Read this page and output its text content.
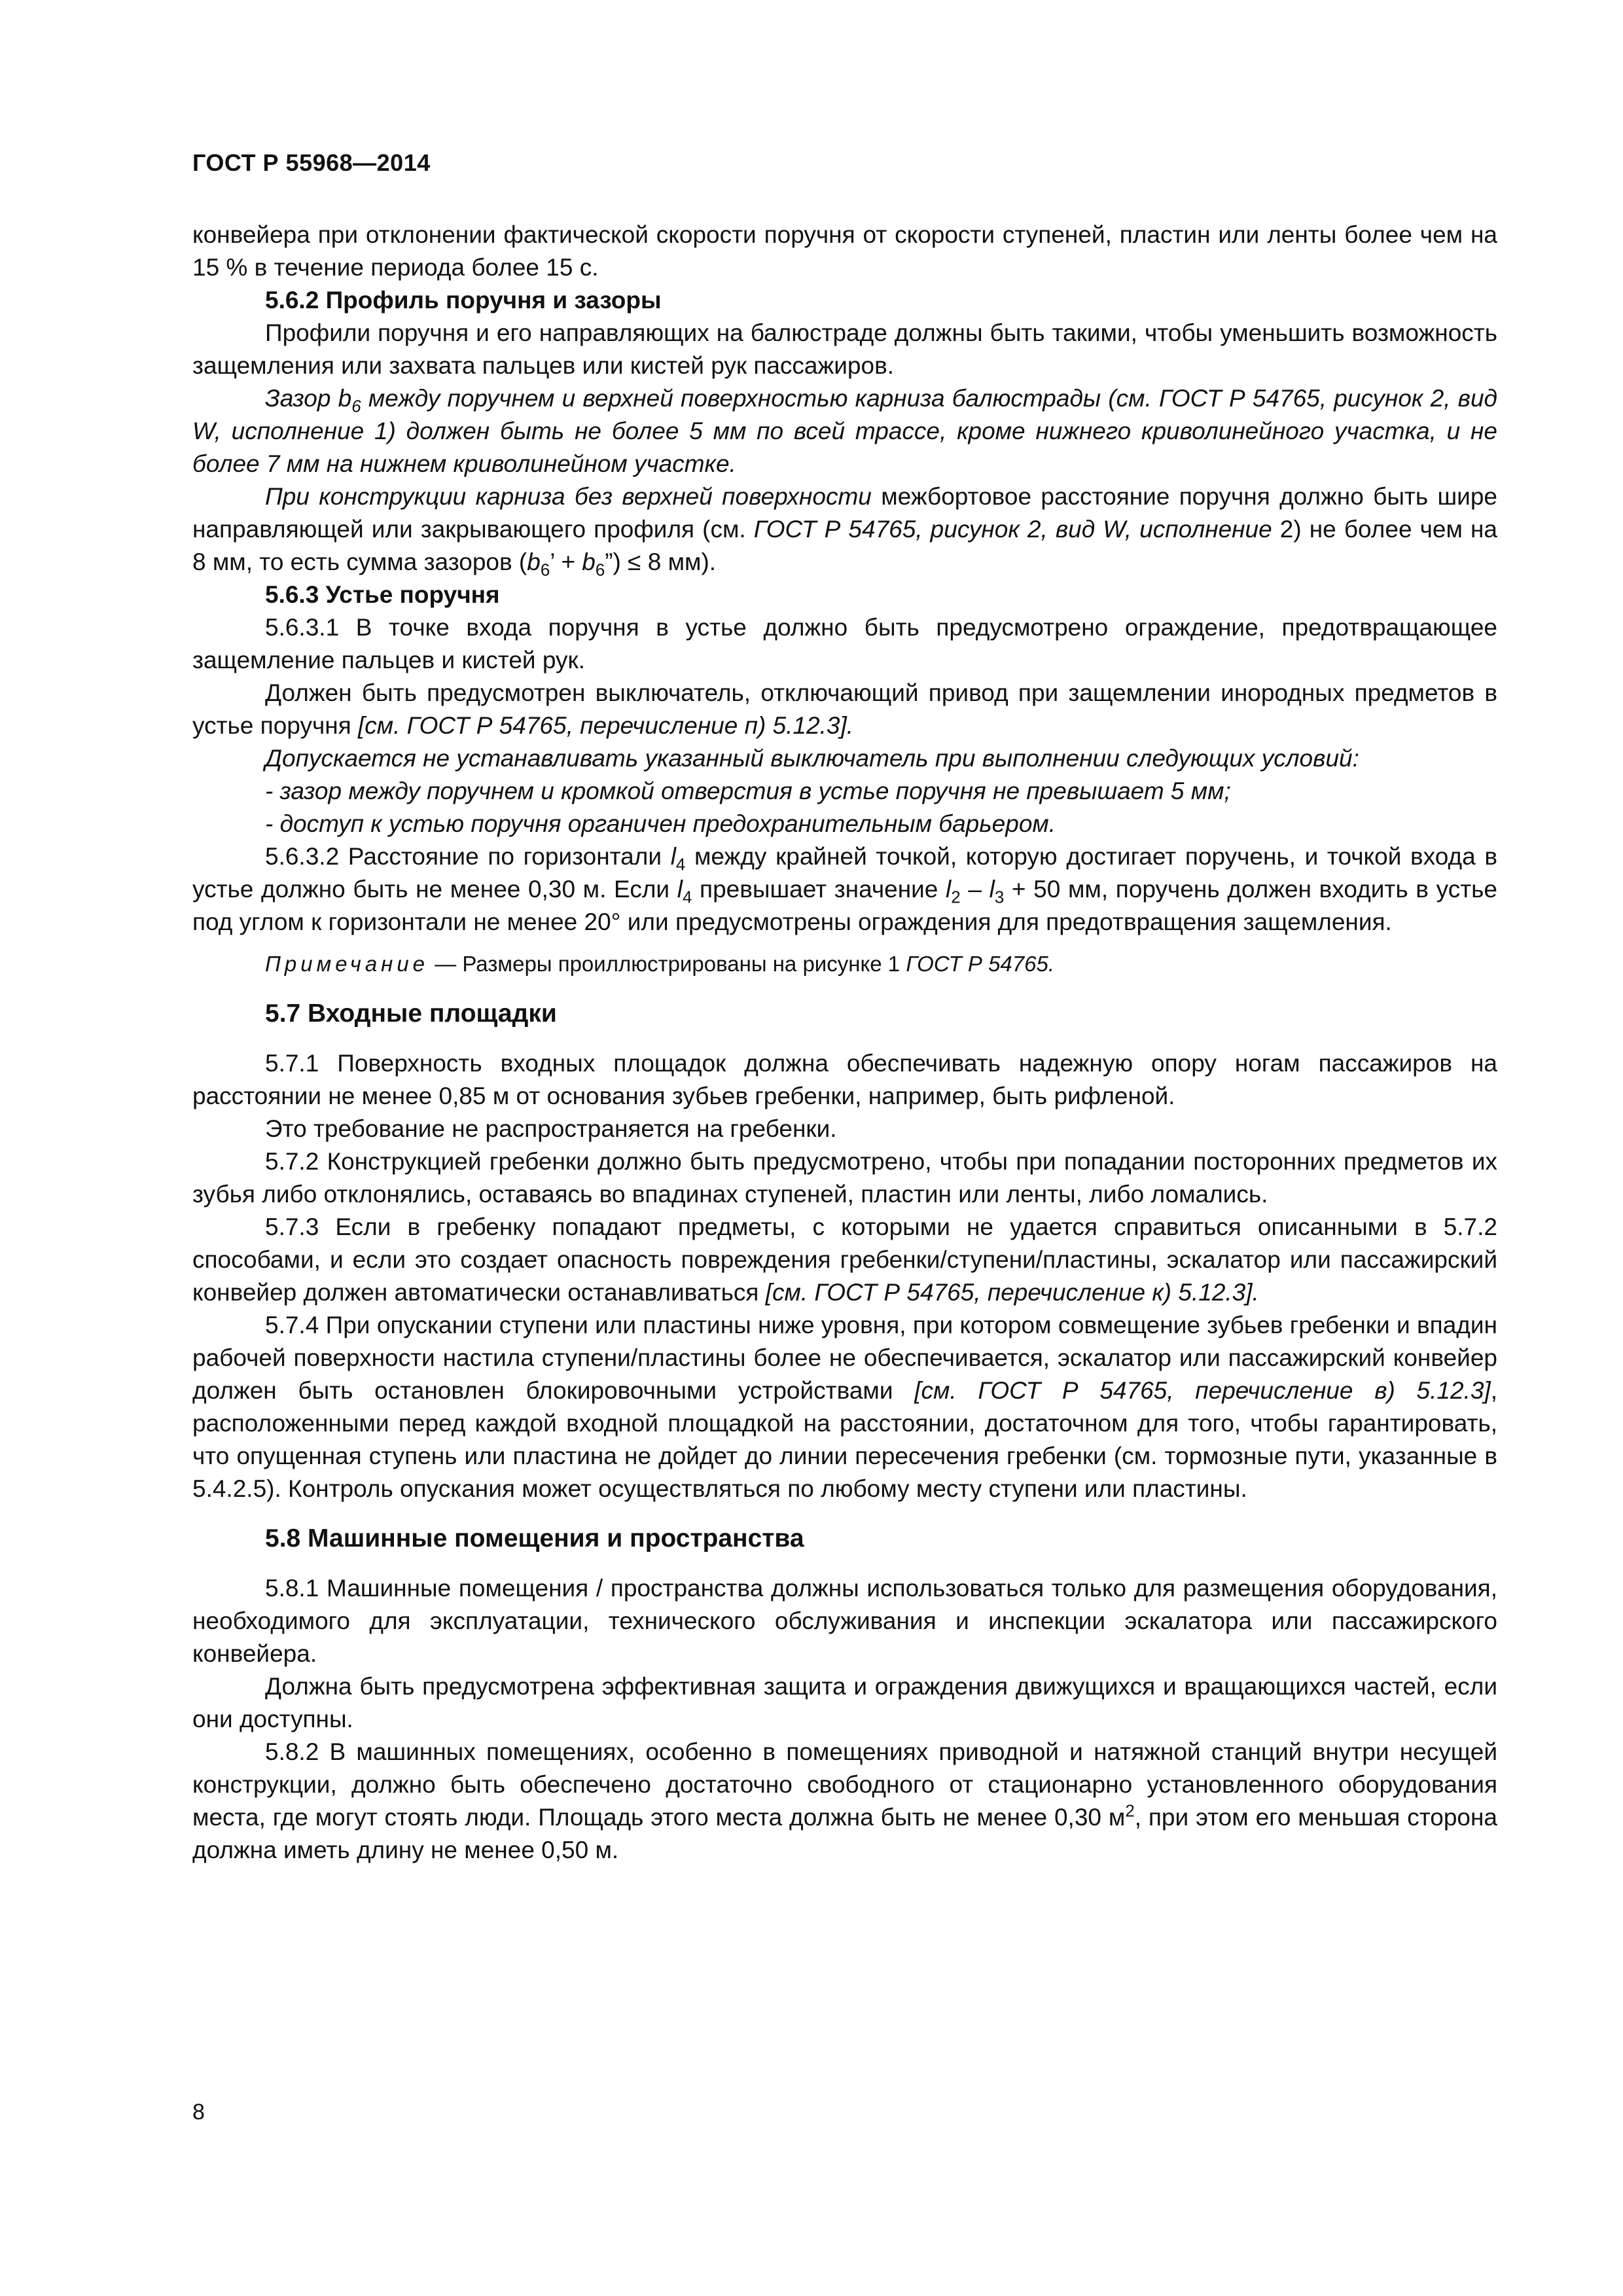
ГОСТ Р 55968—2014

конвейера при отклонении фактической скорости поручня от скорости ступеней, пластин или ленты более чем на 15 % в течение периода более 15 с.

5.6.2 Профиль поручня и зазоры

Профили поручня и его направляющих на балюстраде должны быть такими, чтобы уменьшить возможность защемления или захвата пальцев или кистей рук пассажиров.

Зазор $b_6$ между поручнем и верхней поверхностью карниза балюстрады (см. ГОСТ Р 54765, рисунок 2, вид W, исполнение 1) должен быть не более 5 мм по всей трассе, кроме нижнего криволинейного участка, и не более 7 мм на нижнем криволинейном участке.

При конструкции карниза без верхней поверхности межбортовое расстояние поручня должно быть шире направляющей или закрывающего профиля (см. ГОСТ Р 54765, рисунок 2, вид W, исполнение 2) не более чем на 8 мм, то есть сумма зазоров ($b_6$’ + $b_6”) \le 8$ мм).

5.6.3 Устье поручня

5.6.3.1 В точке входа поручня в устье должно быть предусмотрено ограждение, предотвращающее защемление пальцев и кистей рук.

Должен быть предусмотрен выключатель, отключающий привод при защемлении инородных предметов в устье поручня [см. ГОСТ Р 54765, перечисление п) 5.12.3].

Допускается не устанавливать указанный выключатель при выполнении следующих условий:

- зазор между поручнем и кромкой отверстия в устье поручня не превышает 5 мм;

- доступ к устью поручня органичен предохранительным барьером.

5.6.3.2 Расстояние по горизонтали $l_4$ между крайней точкой, которую достигает поручень, и точкой входа в устье должно быть не менее 0,30 м. Если $l_4$ превышает значение $l_2 - l_3 + 50$ мм, поручень должен входить в устье под углом к горизонтали не менее 20° или предусмотрены ограждения для предотвращения защемления.

Примечание — Размеры проиллюстрированы на рисунке 1 ГОСТ Р 54765.

5.7 Входные площадки

5.7.1 Поверхность входных площадок должна обеспечивать надежную опору ногам пассажиров на расстоянии не менее 0,85 м от основания зубьев гребенки, например, быть рифленой.

Это требование не распространяется на гребенки.

5.7.2 Конструкцией гребенки должно быть предусмотрено, чтобы при попадании посторонних предметов их зубья либо отклонялись, оставаясь во впадинах ступеней, пластин или ленты, либо ломались.

5.7.3 Если в гребенку попадают предметы, с которыми не удается справиться описанными в 5.7.2 способами, и если это создает опасность повреждения гребенки/ступени/пластины, эскалатор или пассажирский конвейер должен автоматически останавливаться [см. ГОСТ Р 54765, перечисление к) 5.12.3].

5.7.4 При опускании ступени или пластины ниже уровня, при котором совмещение зубьев гребенки и впадин рабочей поверхности настила ступени/пластины более не обеспечивается, эскалатор или пассажирский конвейер должен быть остановлен блокировочными устройствами [см. ГОСТ Р 54765, перечисление в) 5.12.3], расположенными перед каждой входной площадкой на расстоянии, достаточном для того, чтобы гарантировать, что опущенная ступень или пластина не дойдет до линии пересечения гребенки (см. тормозные пути, указанные в 5.4.2.5). Контроль опускания может осуществляться по любому месту ступени или пластины.

5.8 Машинные помещения и пространства

5.8.1 Машинные помещения / пространства должны использоваться только для размещения оборудования, необходимого для эксплуатации, технического обслуживания и инспекции эскалатора или пассажирского конвейера.

Должна быть предусмотрена эффективная защита и ограждения движущихся и вращающихся частей, если они доступны.

5.8.2 В машинных помещениях, особенно в помещениях приводной и натяжной станций внутри несущей конструкции, должно быть обеспечено достаточно свободного от стационарно установленного оборудования места, где могут стоять люди. Площадь этого места должна быть не менее 0,30 $м^2$, при этом его меньшая сторона должна иметь длину не менее 0,50 м.

8
